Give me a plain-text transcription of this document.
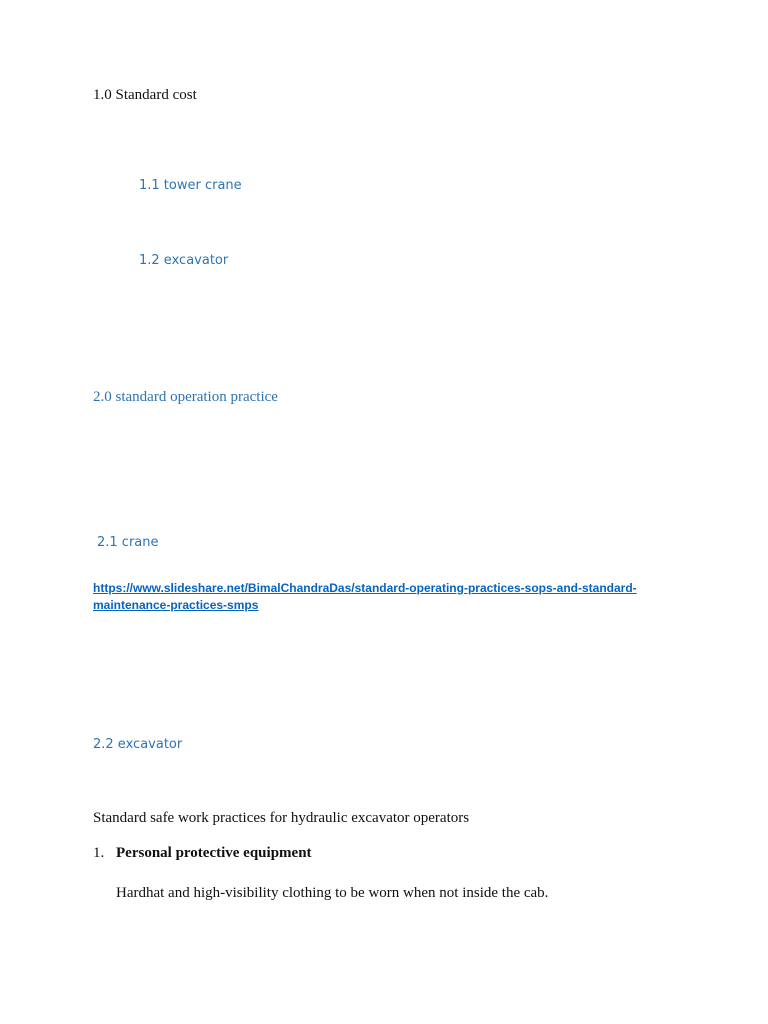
1.0 Standard cost

1.1 tower crane

1.2 excavator

2.0 standard operation practice

2.1 crane

https://www.slideshare.net/BimalChandraDas/standard-operating-practices-sops-and-standard-
maintenance-practices-smps

2.2 excavator

Standard safe work practices for hydraulic excavator operators

1. Personal protective equipment

Hardhat and high-visibility clothing to be worn when not inside the cab.
